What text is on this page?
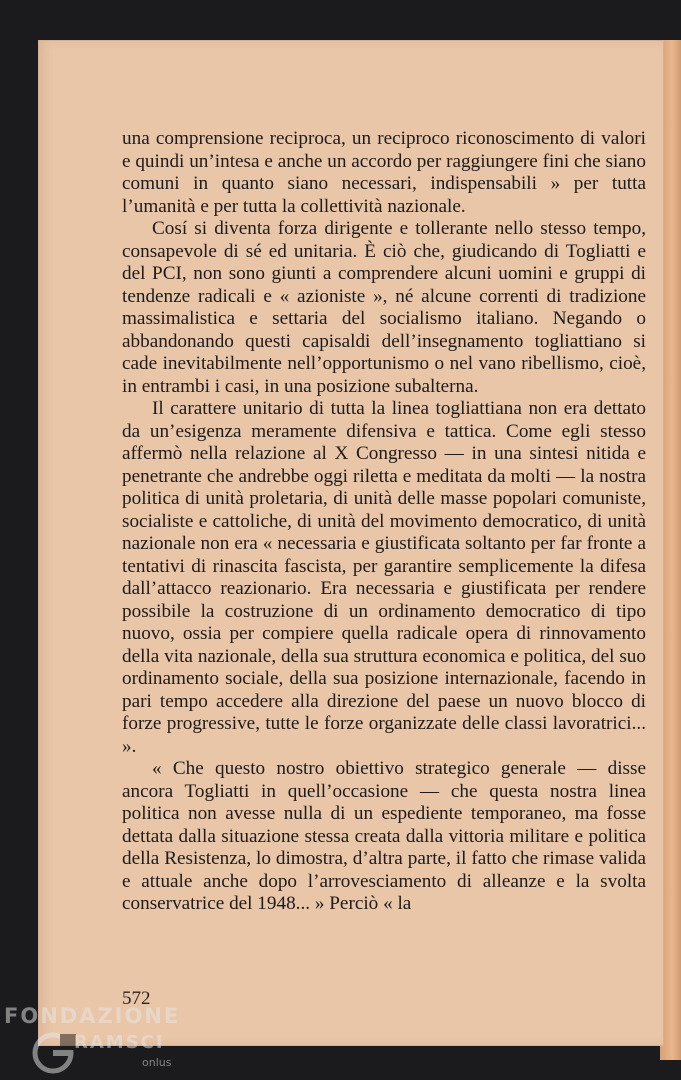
una comprensione reciproca, un reciproco riconoscimento di valori e quindi un’intesa e anche un accordo per raggiungere fini che siano comuni in quanto siano necessari, indispensabili » per tutta l’umanità e per tutta la collettività nazionale.

Cosí si diventa forza dirigente e tollerante nello stesso tempo, consapevole di sé ed unitaria. È ciò che, giudicando di Togliatti e del PCI, non sono giunti a comprendere alcuni uomini e gruppi di tendenze radicali e « azioniste », né alcune correnti di tradizione massimalistica e settaria del socialismo italiano. Negando o abbandonando questi capisaldi dell’insegnamento togliattiano si cade inevitabilmente nell’opportunismo o nel vano ribellismo, cioè, in entrambi i casi, in una posizione subalterna.

Il carattere unitario di tutta la linea togliattiana non era dettato da un’esigenza meramente difensiva e tattica. Come egli stesso affermò nella relazione al X Congresso — in una sintesi nitida e penetrante che andrebbe oggi riletta e meditata da molti — la nostra politica di unità proletaria, di unità delle masse popolari comuniste, socialiste e cattoliche, di unità del movimento democratico, di unità nazionale non era « necessaria e giustificata soltanto per far fronte a tentativi di rinascita fascista, per garantire semplicemente la difesa dall’attacco reazionario. Era necessaria e giustificata per rendere possibile la costruzione di un ordinamento democratico di tipo nuovo, ossia per compiere quella radicale opera di rinnovamento della vita nazionale, della sua struttura economica e politica, del suo ordinamento sociale, della sua posizione internazionale, facendo in pari tempo accedere alla direzione del paese un nuovo blocco di forze progressive, tutte le forze organizzate delle classi lavoratrici... ».

« Che questo nostro obiettivo strategico generale — disse ancora Togliatti in quell’occasione — che questa nostra linea politica non avesse nulla di un espediente temporaneo, ma fosse dettata dalla situazione stessa creata dalla vittoria militare e politica della Resistenza, lo dimostra, d’altra parte, il fatto che rimase valida e attuale anche dopo l’arrovesciamento di alleanze e la svolta conservatrice del 1948... » Perciò « la

572
FONDAZIONE
RAMSCI
onlus
